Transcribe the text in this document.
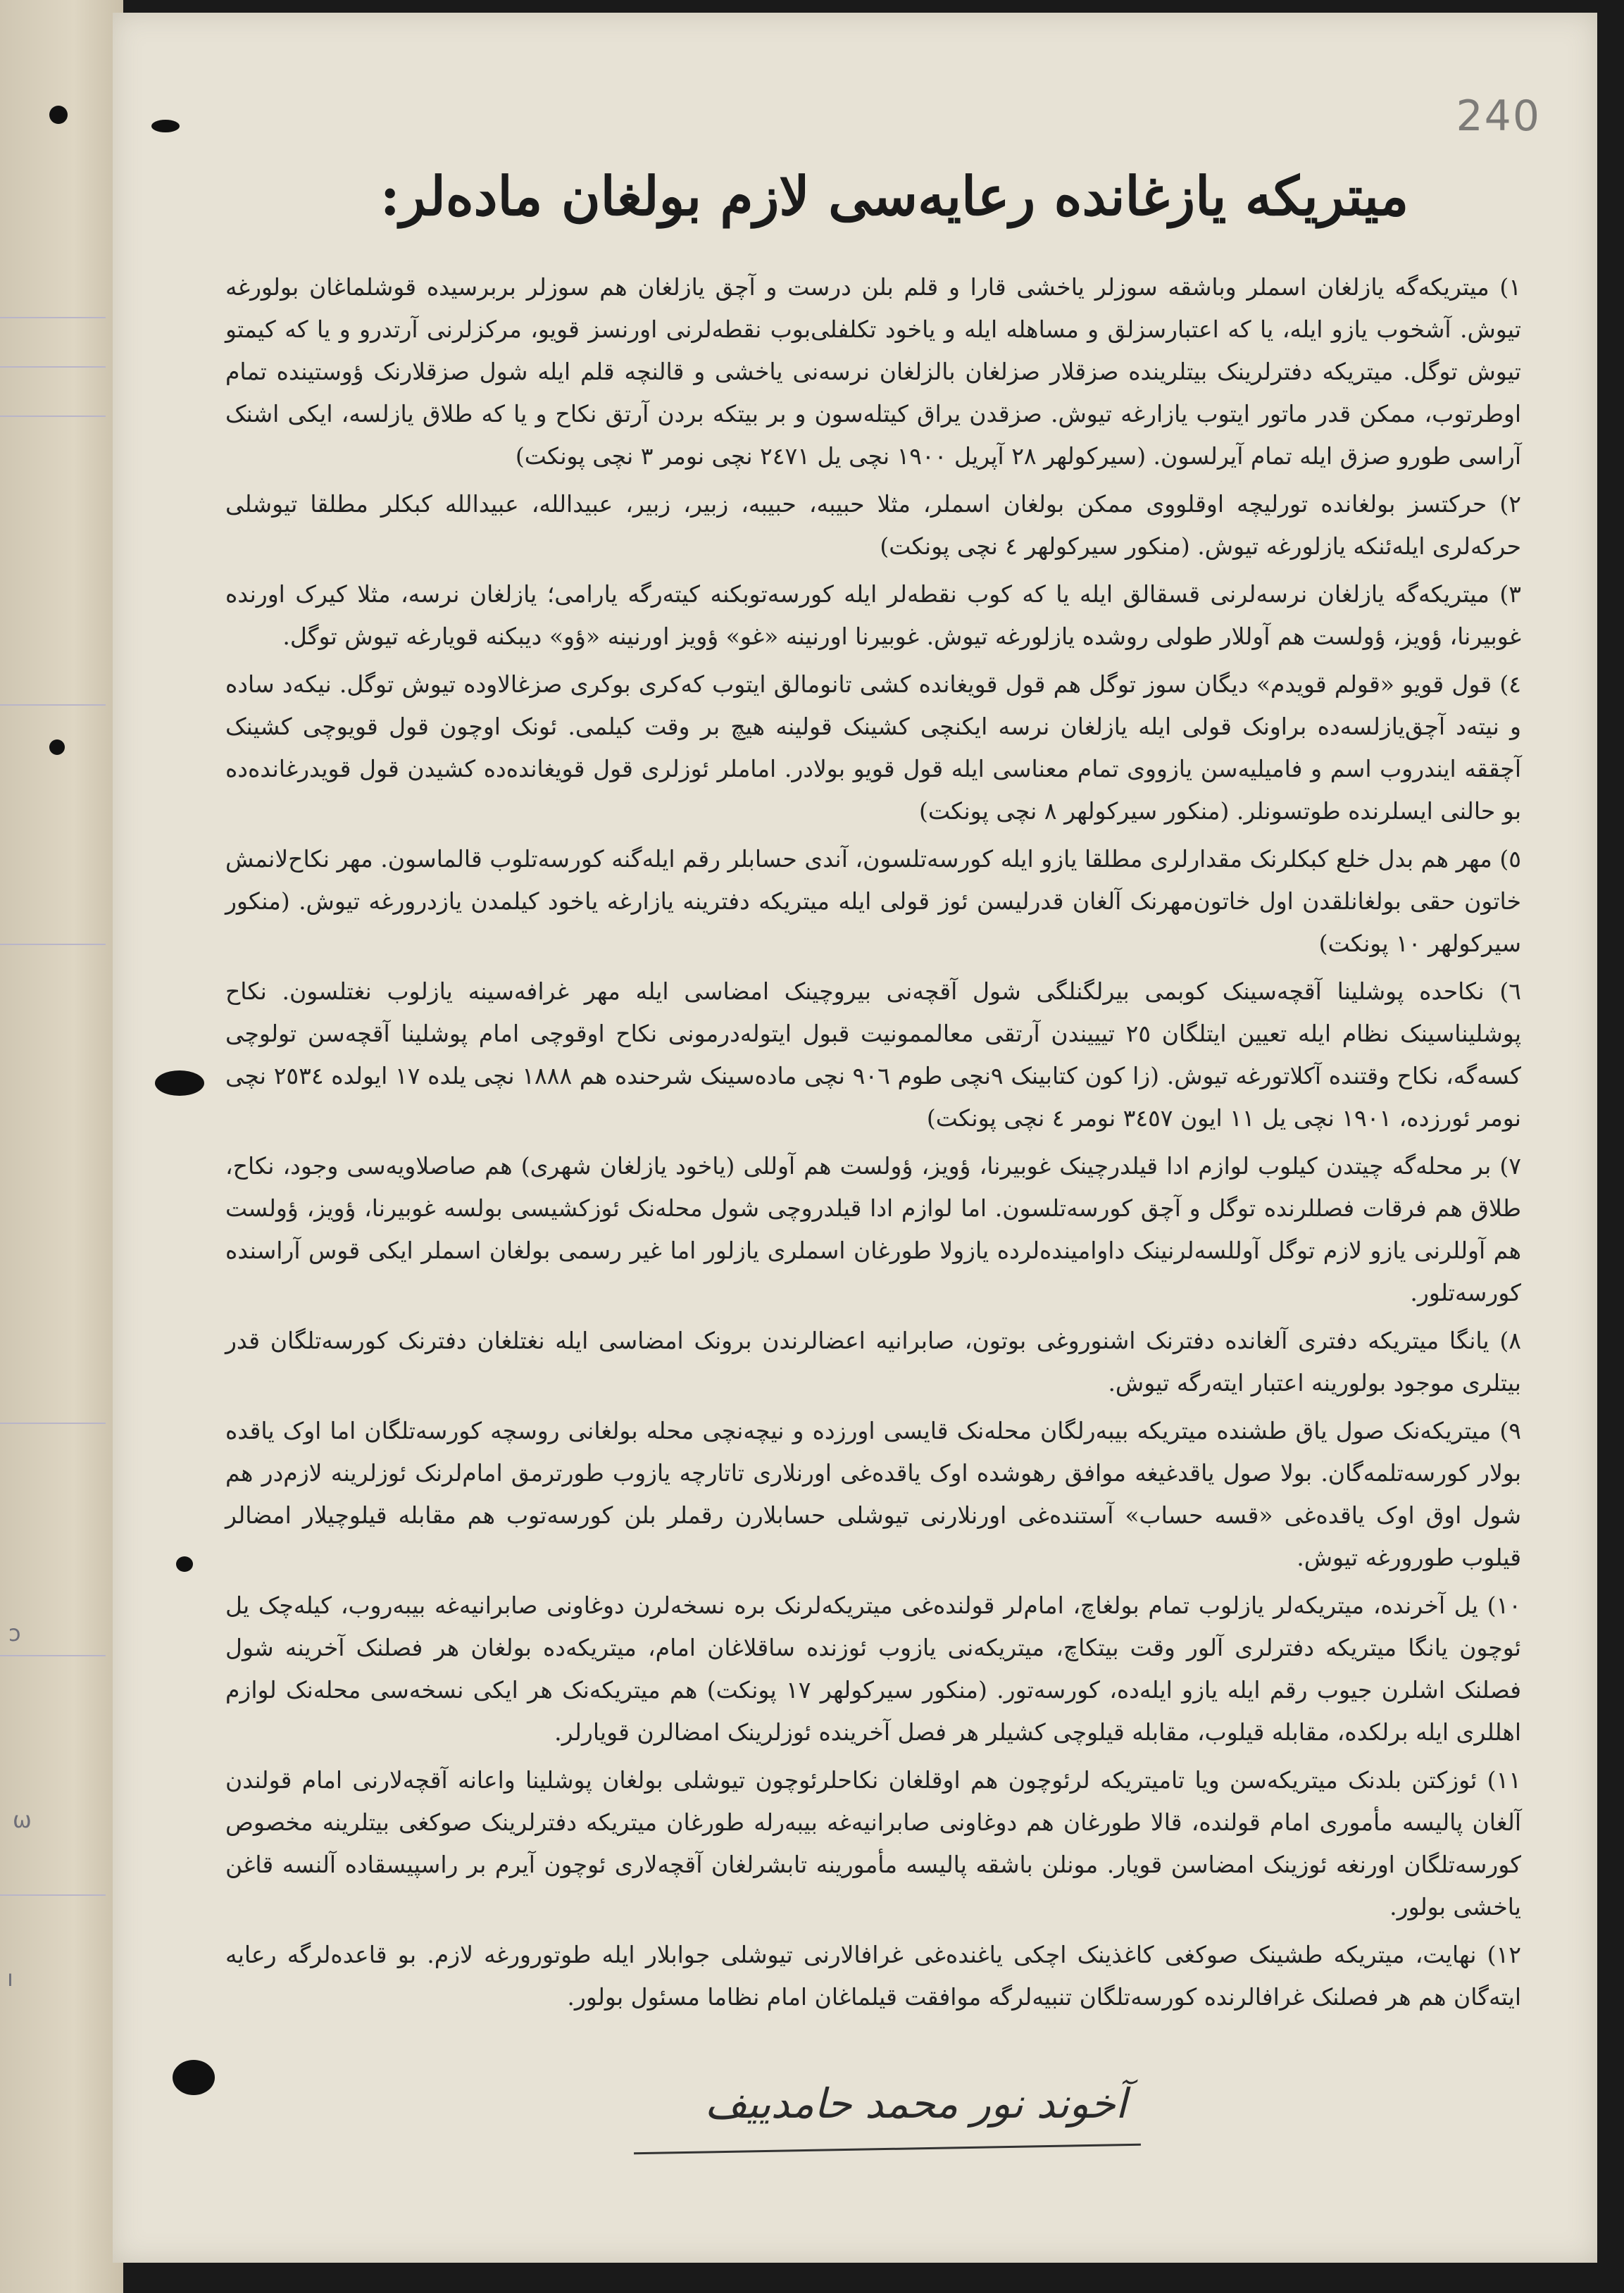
ɔ
ω
ı
240
میتریکه یازغانده رعایه‌سی لازم بولغان ماده‌لر:

١) میتریکه‌گه یازلغان اسملر وباشقه سوزلر یاخشی قارا و قلم بلن درست و آچق یازلغان هم سوزلر بربرسیده قوشلماغان بولورغه تیوش. آشخوب یازو ایله، یا که اعتبارسزلق و مساهله ایله و یاخود تکلفلی‌بوب نقطه‌لرنی اورنسز قویو، مرکزلرنی آرتدرو و یا که کیمتو تیوش توگل. میتریکه دفترلرینک بیتلرینده صزقلار صزلغان بالزلغان نرسه‌نی یاخشی و قالنچه قلم ایله شول صزقلارنک ؤوستینده تمام اوطرتوب، ممکن قدر ماتور ایتوب یازارغه تیوش. صزقدن یراق کیتله‌سون و بر بیتکه بردن آرتق نکاح و یا که طلاق یازلسه، ایکی اشنک آراسی طورو صزق ایله تمام آیرلسون. (سیرکولهر ٢٨ آپریل ١٩٠٠ نچی یل ٢٤٧١ نچی نومر ٣ نچی پونکت)

٢) حرکتسز بولغانده تورلیچه اوقلووی ممکن بولغان اسملر، مثلا حبیبه، حبیبه، زبیر، زبیر، عبیدالله، عبیدالله کبکلر مطلقا تیوشلی حرکه‌لری ایله‌ئنکه یازلورغه تیوش. (منکور سیرکولهر ٤ نچی پونکت)

٣) میتریکه‌گه یازلغان نرسه‌لرنی قسقالق ایله یا که کوب نقطه‌لر ایله کورسه‌توبکنه کیته‌رگه یارامی؛ یازلغان نرسه، مثلا کیرک اورنده غوبیرنا، ؤویز، ؤولست هم آوللار طولی روشده یازلورغه تیوش. غوبیرنا اورنینه «غو» ؤویز اورنینه «ؤو» دیبکنه قویارغه تیوش توگل.

٤) قول قویو «قولم قویدم» دیگان سوز توگل هم قول قویغانده کشی تانومالق ایتوب که‌کری بوکری صزغالاوده تیوش توگل. نیکه‌د ساده و نیته‌د آچق‌یازلسه‌ده براونک قولی ایله یازلغان نرسه ایکنچی کشینک قولینه هیچ بر وقت کیلمی. ئونک اوچون قول قویوچی کشینک آچققه ایندروب اسم و فامیلیه‌سن یازووی تمام معناسی ایله قول قویو بولادر. اماملر ئوزلری قول قویغانده‌ده کشیدن قول قویدرغانده‌ده بو حالنی ایسلرنده طوتسونلر. (منکور سیرکولهر ٨ نچی پونکت)

٥) مهر هم بدل خلع کبکلرنک مقدارلری مطلقا یازو ایله کورسه‌تلسون، آندی حسابلر رقم ایله‌گنه کورسه‌تلوب قالماسون. مهر نکاح‌لانمش خاتون حقی بولغانلقدن اول خاتون‌مهرنک آلغان قدرلیسن ئوز قولی ایله میتریکه دفترینه یازارغه یاخود کیلمدن یازدرورغه تیوش. (منکور سیرکولهر ١٠ پونکت)

٦) نکاحده پوشلینا آقچه‌سینک کوبمی بیرلگنلگی شول آقچه‌نی بیروچینک امضاسی ایله مهر غرافه‌سینه یازلوب نغتلسون. نکاح پوشلیناسینک نظام ایله تعیین ایتلگان ٢٥ تیییندن آرتقی معالممونیت قبول ایتوله‌درمونی نکاح اوقوچی امام پوشلینا آقچه‌سن تولوچی کسه‌گه، نکاح وقتنده آکلاتورغه تیوش. (زا کون کتابینک ٩نچی طوم ٩٠٦ نچی ماده‌سینک شرحنده هم ١٨٨٨ نچی یلده ١٧ ایولده ٢٥٣٤ نچی نومر ئورزده، ١٩٠١ نچی یل ١١ ایون ٣٤٥٧ نومر ٤ نچی پونکت)

٧) بر محله‌گه چیتدن کیلوب لوازم ادا قیلدرچینک غوبیرنا، ؤویز، ؤولست هم آوللی (یاخود یازلغان شهری) هم صاصلاویه‌سی وجود، نکاح، طلاق هم فرقات فصللرنده توگل و آچق کورسه‌تلسون. اما لوازم ادا قیلدروچی شول محله‌نک ئوزکشیسی بولسه غوبیرنا، ؤویز، ؤولست هم آوللرنی یازو لازم توگل آوللسه‌لرنینک داوامینده‌لرده یازولا طورغان اسملری یازلور اما غیر رسمی بولغان اسملر ایکی قوس آراسنده کورسه‌تلور.

٨) یانگا میتریکه دفتری آلغانده دفترنک اشنوروغی بوتون، صابرانیه اعضالرندن برونک امضاسی ایله نغتلغان دفترنک کورسه‌تلگان قدر بیتلری موجود بولورینه اعتبار ایته‌رگه تیوش.

٩) میتریکه‌نک صول یاق طشنده میتریکه بیبه‌رلگان محله‌نک قایسی اورزده و نیچه‌نچی محله بولغانی روسچه کورسه‌تلگان اما اوک یاقده بولار کورسه‌تلمه‌گان. بولا صول یاقدغیغه موافق رهوشده اوک یاقده‌غی اورنلاری تاتارچه یازوب طورترمق امام‌لرنک ئوزلرینه لازم‌در هم شول اوق اوک یاقده‌غی «قسه حساب» آستنده‌غی اورنلارنی تیوشلی حسابلارن رقملر بلن کورسه‌توب هم مقابله قیلوچیلار امضالر قیلوب طورورغه تیوش.

١٠) یل آخرنده، میتریکه‌لر یازلوب تمام بولغاچ، امام‌لر قولنده‌غی میتریکه‌لرنک بره نسخه‌لرن دوغاونی صابرانیه‌غه بیبه‌روب، کیله‌چک یل ئوچون یانگا میتریکه دفترلری آلور وقت بیتکاچ، میتریکه‌نی یازوب ئوزنده ساقلاغان امام، میتریکه‌ده بولغان هر فصلنک آخرینه شول فصلنک اشلرن جیوب رقم ایله یازو ایله‌ده، کورسه‌تور. (منکور سیرکولهر ١٧ پونکت) هم میتریکه‌نک هر ایکی نسخه‌سی محله‌نک لوازم اهللری ایله برلکده، مقابله قیلوب، مقابله قیلوچی کشیلر هر فصل آخرینده ئوزلرینک امضالرن قویارلر.

١١) ئوزکتن بلدنک میتریکه‌سن ویا تامیتریکه لرئوچون هم اوقلغان نکاحلرئوچون تیوشلی بولغان پوشلینا واعانه آقچه‌لارنی امام قولندن آلغان پالیسه مأموری امام قولنده، قالا طورغان هم دوغاونی صابرانیه‌غه بیبه‌رله طورغان میتریکه دفترلرینک صوکغی بیتلرینه مخصوص کورسه‌تلگان اورنغه ئوزینک امضاسن قویار. مونلن باشقه پالیسه مأمورینه تابشرلغان آقچه‌لاری ئوچون آیرم بر راسپیسقاده آلنسه قاغن یاخشی بولور.

١٢) نهایت، میتریکه طشینک صوکغی کاغذینک اچکی یاغنده‌غی غرافالارنی تیوشلی جوابلار ایله طوتورورغه لازم. بو قاعده‌لرگه رعایه ایته‌گان هم هر فصلنک غرافالرنده کورسه‌تلگان تنبیه‌لرگه موافقت قیلماغان امام نظاما مسئول بولور.

آخوند نور محمد حامدییف
